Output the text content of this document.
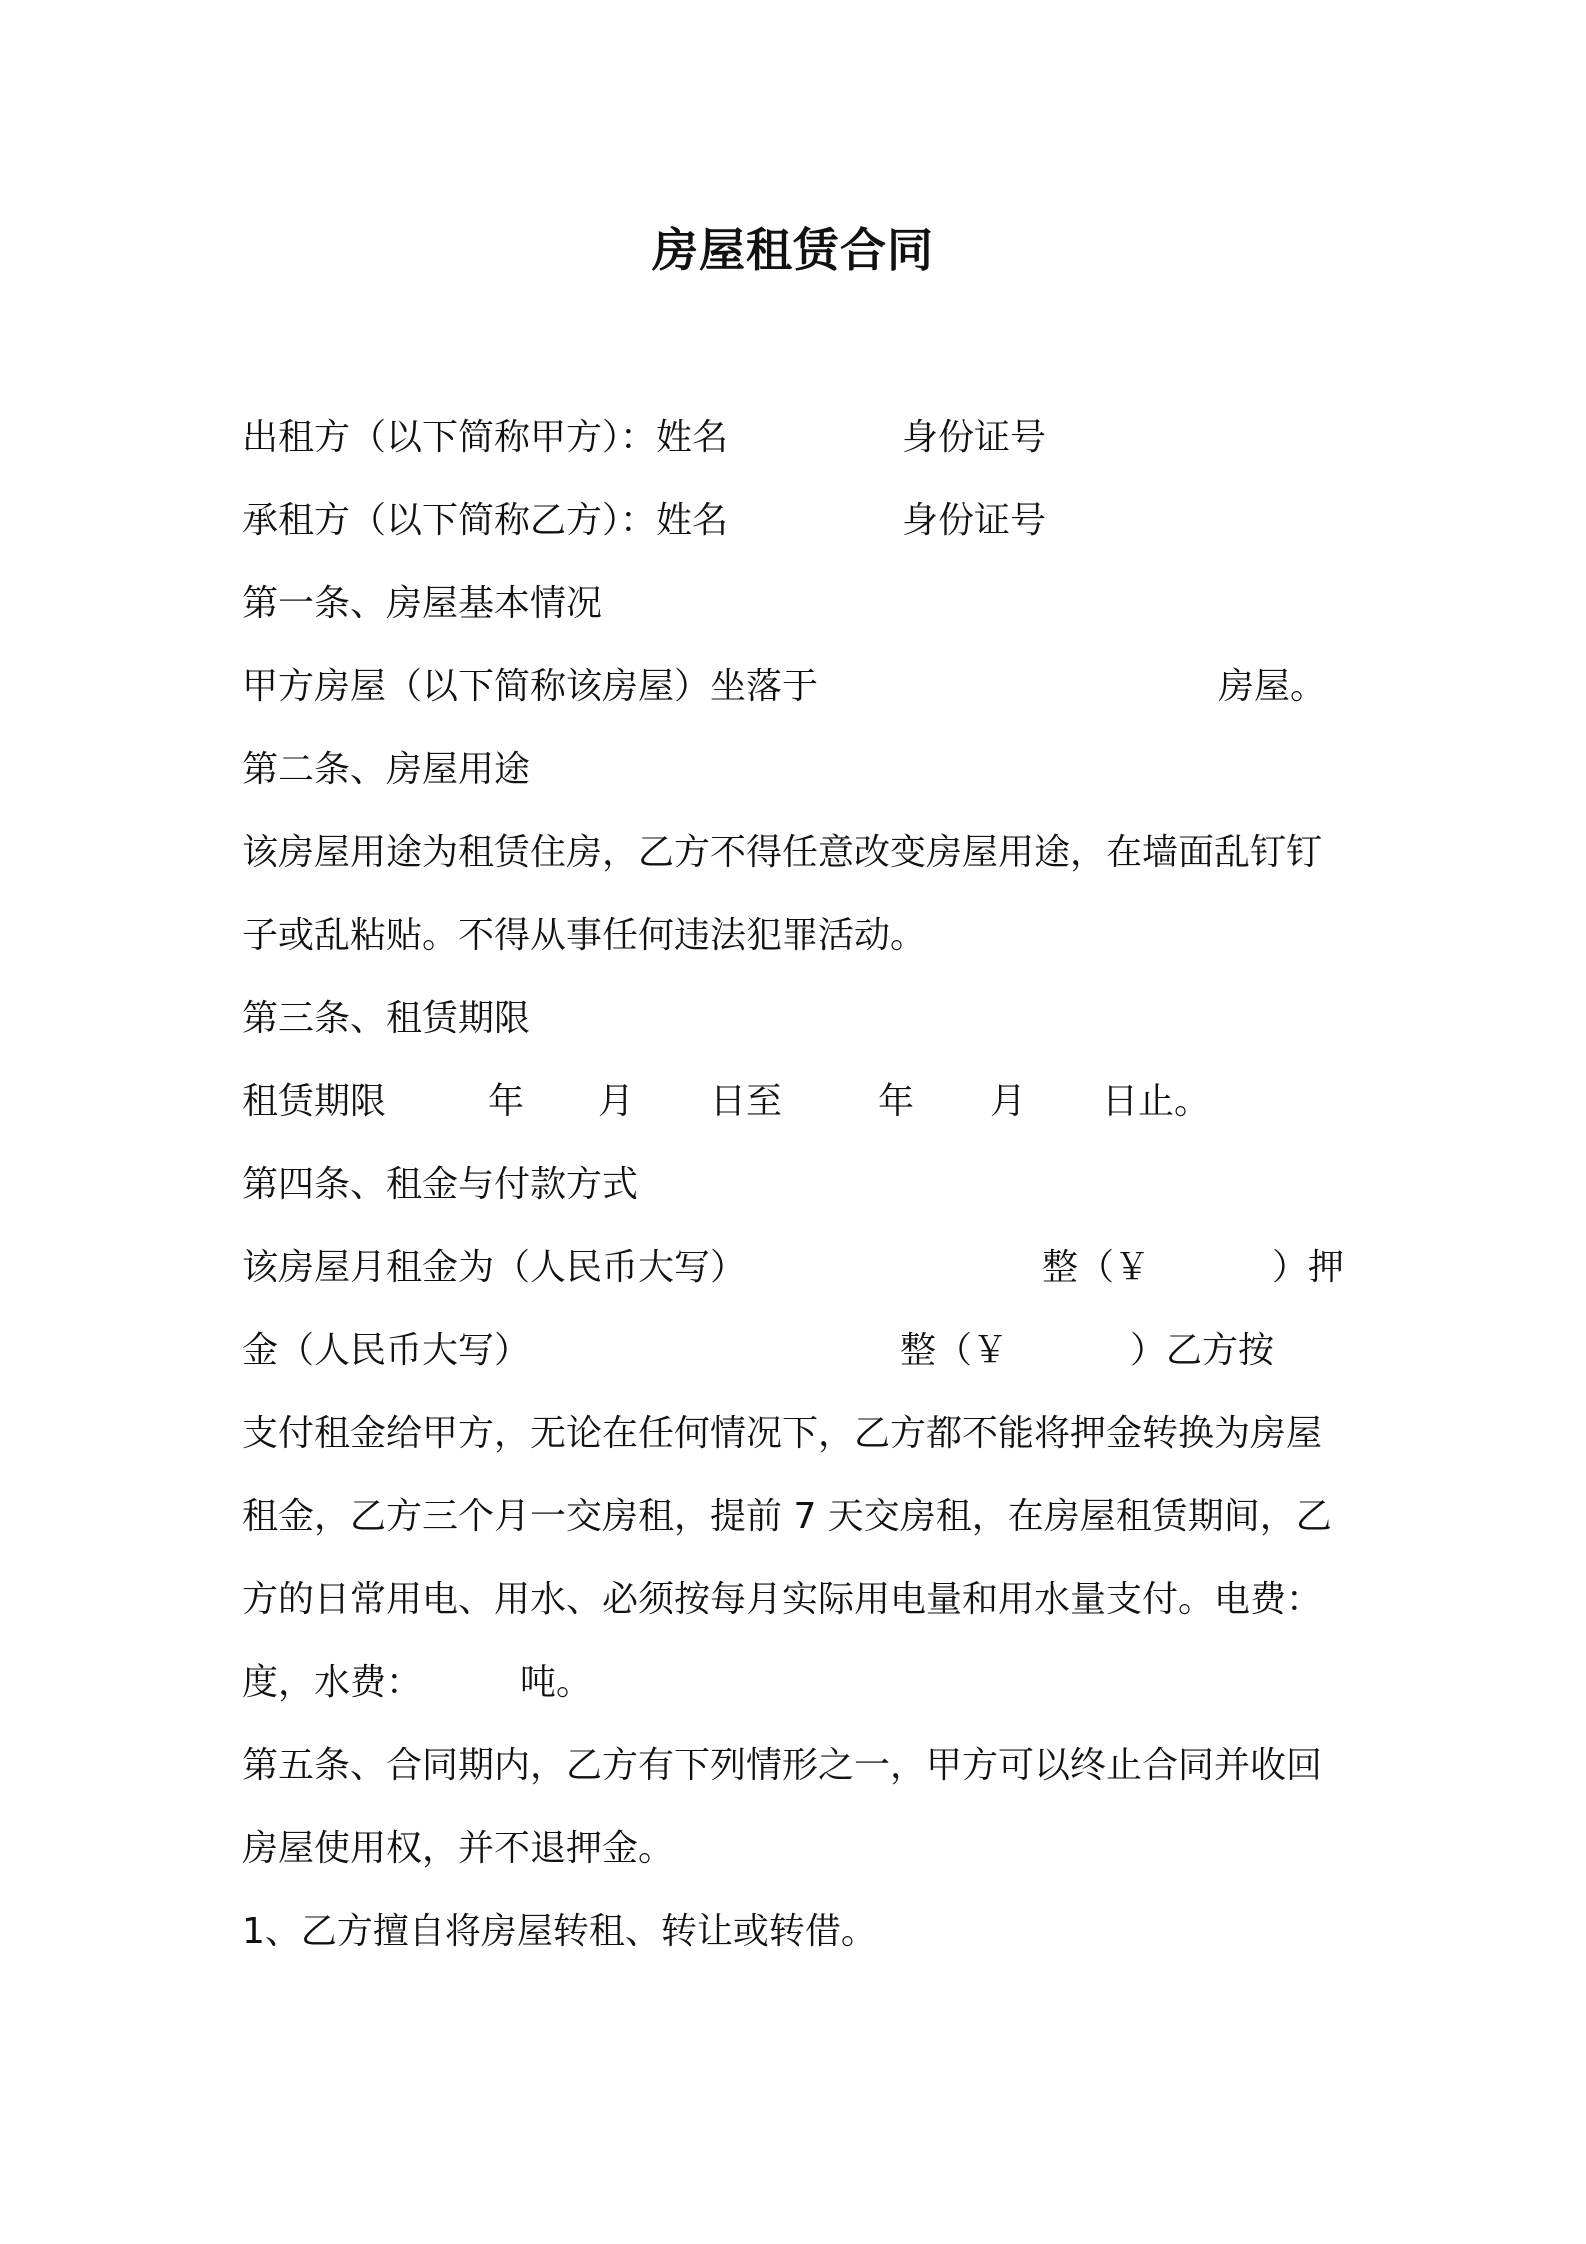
房屋租赁合同
出租方（以下简称甲方）：姓名	身份证号
承租方（以下简称乙方）：姓名	身份证号
第一条、房屋基本情况
甲方房屋（以下简称该房屋）坐落于	房屋。
第二条、房屋用途
该房屋用途为租赁住房，乙方不得任意改变房屋用途，在墙面乱钉钉
子或乱粘贴。不得从事任何违法犯罪活动。
第三条、租赁期限
租赁期限	年 月 日至	年 月 日止。
第四条、租金与付款方式
该房屋月租金为（人民币大写）	整（￥	）押
金（人民币大写）	整（￥	）乙方按
支付租金给甲方，无论在任何情况下，乙方都不能将押金转换为房屋
租金，乙方三个月一交房租，提前 7 天交房租，在房屋租赁期间，乙
方的日常用电、用水、必须按每月实际用电量和用水量支付。电费：
度，水费：	吨。
第五条、合同期内，乙方有下列情形之一，甲方可以终止合同并收回
房屋使用权，并不退押金。
1、乙方擅自将房屋转租、转让或转借。
